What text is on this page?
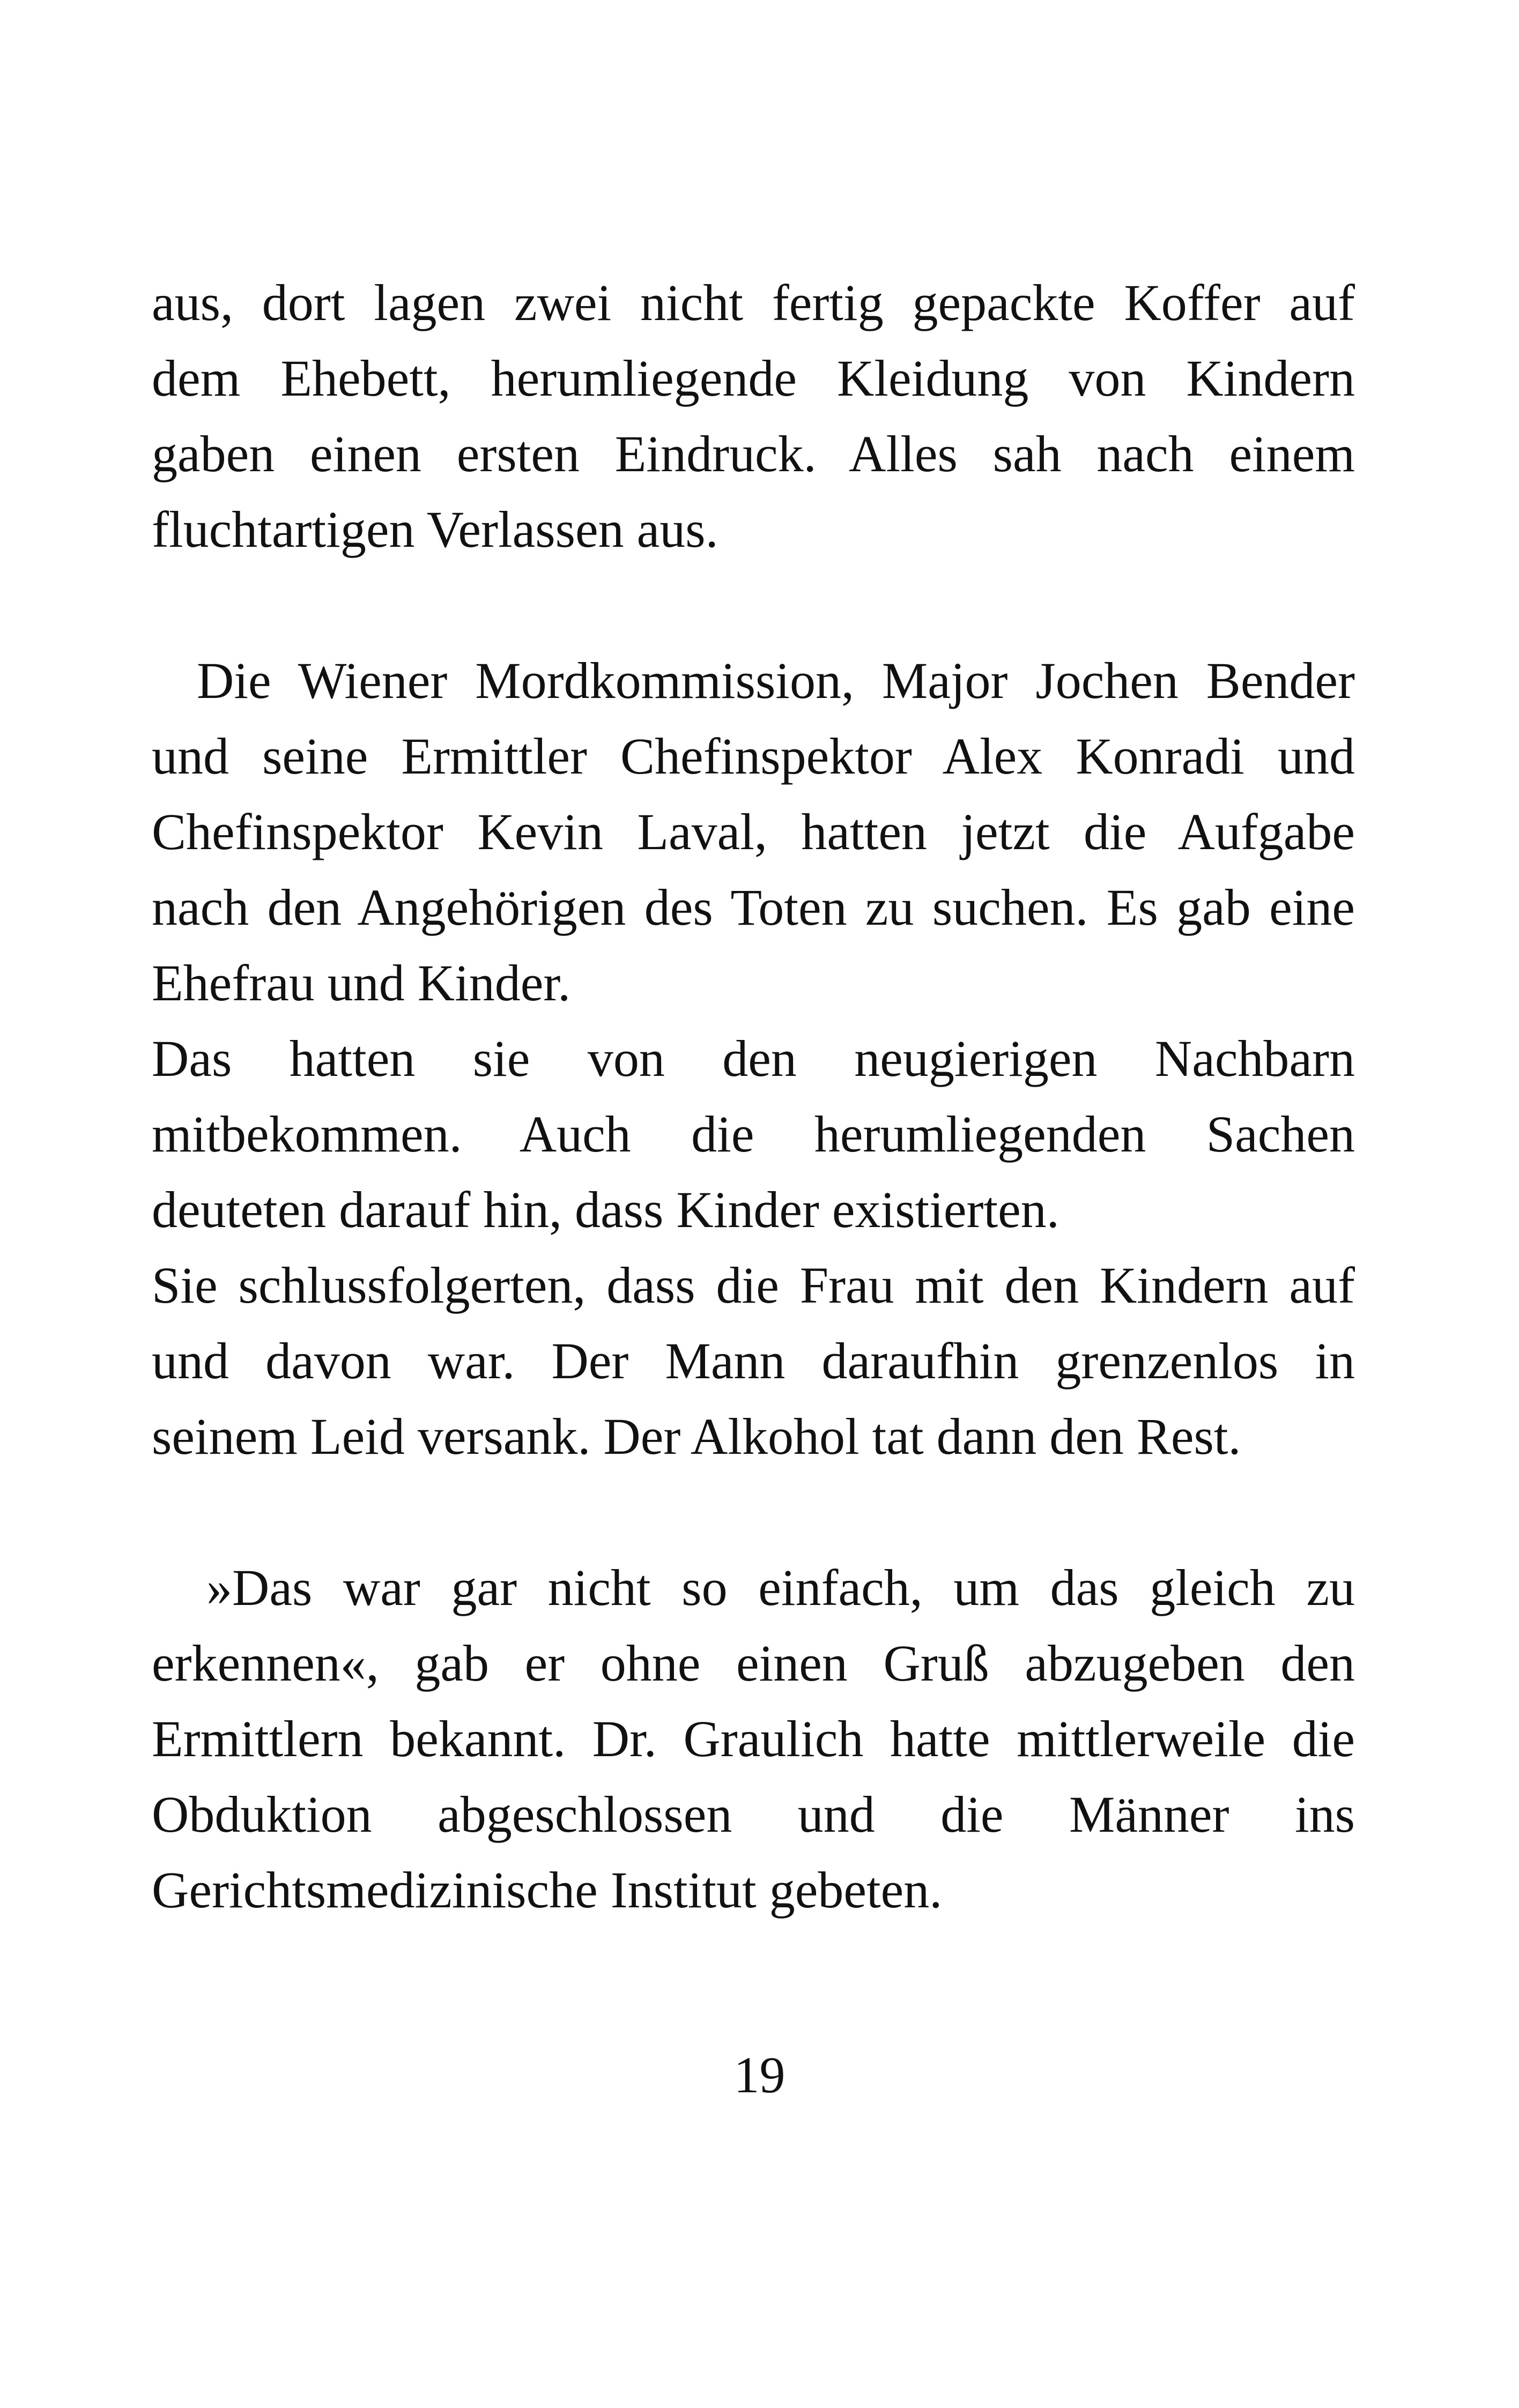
aus, dort lagen zwei nicht fertig gepackte Koffer auf
dem Ehebett, herumliegende Kleidung von Kindern
gaben einen ersten Eindruck. Alles sah nach einem
fluchtartigen Verlassen aus.

Die Wiener Mordkommission, Major Jochen Bender
und seine Ermittler Chefinspektor Alex Konradi und
Chefinspektor Kevin Laval, hatten jetzt die Aufgabe
nach den Angehörigen des Toten zu suchen. Es gab eine
Ehefrau und Kinder.

Das hatten sie von den neugierigen Nachbarn
mitbekommen. Auch die herumliegenden Sachen
deuteten darauf hin, dass Kinder existierten.

Sie schlussfolgerten, dass die Frau mit den Kindern auf
und davon war. Der Mann daraufhin grenzenlos in
seinem Leid versank. Der Alkohol tat dann den Rest.

»Das war gar nicht so einfach, um das gleich zu
erkennen«, gab er ohne einen Gruß abzugeben den
Ermittlern bekannt. Dr. Graulich hatte mittlerweile die
Obduktion abgeschlossen und die Männer ins
Gerichtsmedizinische Institut gebeten.

19
